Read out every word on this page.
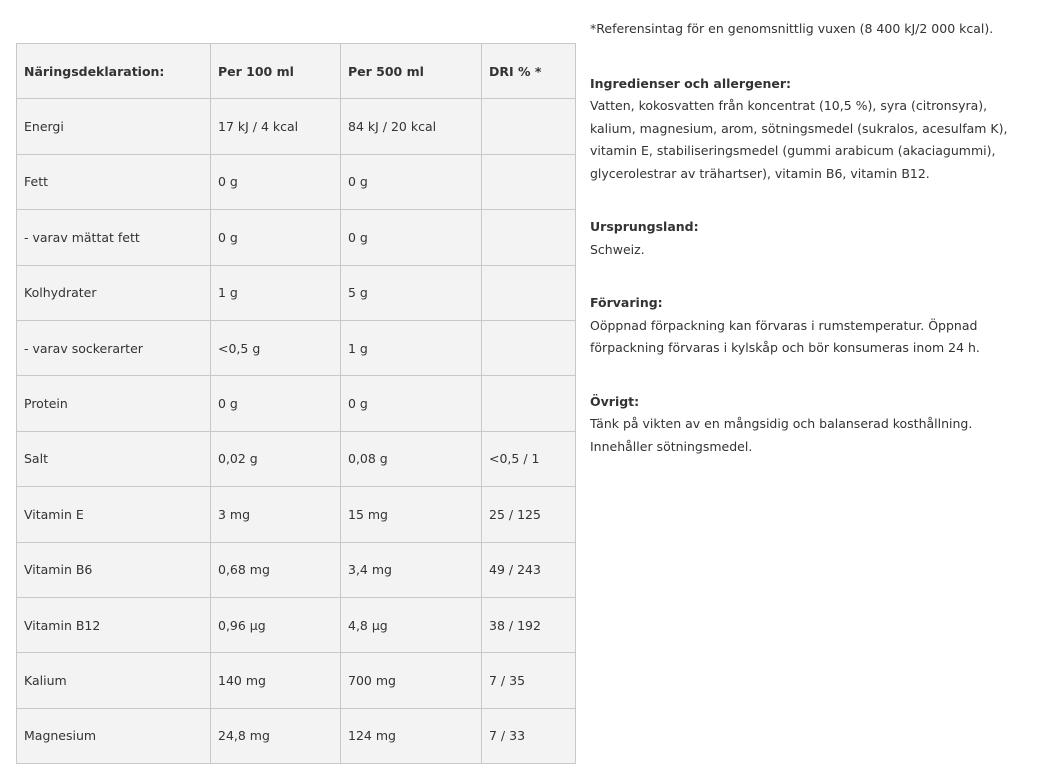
Näringsdeklaration:	Per 100 ml	Per 500 ml	DRI % *
Energi	17 kJ / 4 kcal	84 kJ / 20 kcal	
Fett	0 g	0 g	
- varav mättat fett	0 g	0 g	
Kolhydrater	1 g	5 g	
- varav sockerarter	<0,5 g	1 g	
Protein	0 g	0 g	
Salt	0,02 g	0,08 g	<0,5 / 1
Vitamin E	3 mg	15 mg	25 / 125
Vitamin B6	0,68 mg	3,4 mg	49 / 243
Vitamin B12	0,96 µg	4,8 µg	38 / 192
Kalium	140 mg	700 mg	7 / 35
Magnesium	24,8 mg	124 mg	7 / 33

*Referensintag för en genomsnittlig vuxen (8 400 kJ/2 000 kcal).

Ingredienser och allergener:

Vatten, kokosvatten från koncentrat (10,5 %), syra (citronsyra), kalium, magnesium, arom, sötningsmedel (sukralos, acesulfam K), vitamin E, stabiliseringsmedel (gummi arabicum (akaciagummi), glycerolestrar av trähartser), vitamin B6, vitamin B12.

Ursprungsland:

Schweiz.

Förvaring:

Oöppnad förpackning kan förvaras i rumstemperatur. Öppnad förpackning förvaras i kylskåp och bör konsumeras inom 24 h.

Övrigt:

Tänk på vikten av en mångsidig och balanserad kosthållning. Innehåller sötningsmedel.
